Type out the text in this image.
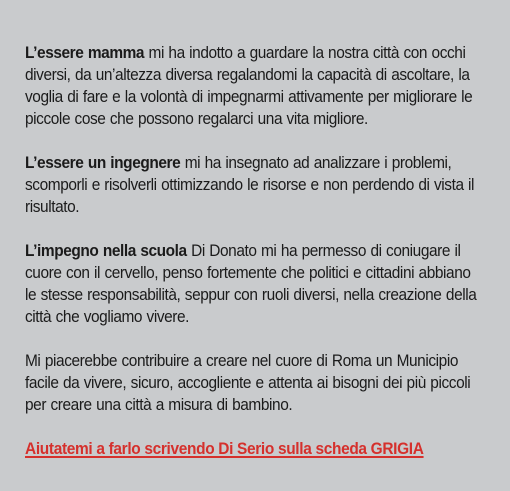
L’essere mamma mi ha indotto a guardare la nostra città con occhi diversi, da un’altezza diversa regalandomi la capacità di ascoltare, la voglia di fare e la volontà di impegnarmi attivamente per migliorare le piccole cose che possono regalarci una vita migliore.

L’essere un ingegnere mi ha insegnato ad analizzare i problemi, scomporli e risolverli ottimizzando le risorse e non perdendo di vista il risultato.

L’impegno nella scuola Di Donato mi ha permesso di coniugare il cuore con il cervello, penso fortemente che politici e cittadini abbiano le stesse responsabilità, seppur con ruoli diversi, nella creazione della città che vogliamo vivere.

Mi piacerebbe contribuire a creare nel cuore di Roma un Municipio facile da vivere, sicuro, accogliente e attenta ai bisogni dei più piccoli per creare una città a misura di bambino.

Aiutatemi a farlo scrivendo Di Serio sulla scheda GRIGIA
